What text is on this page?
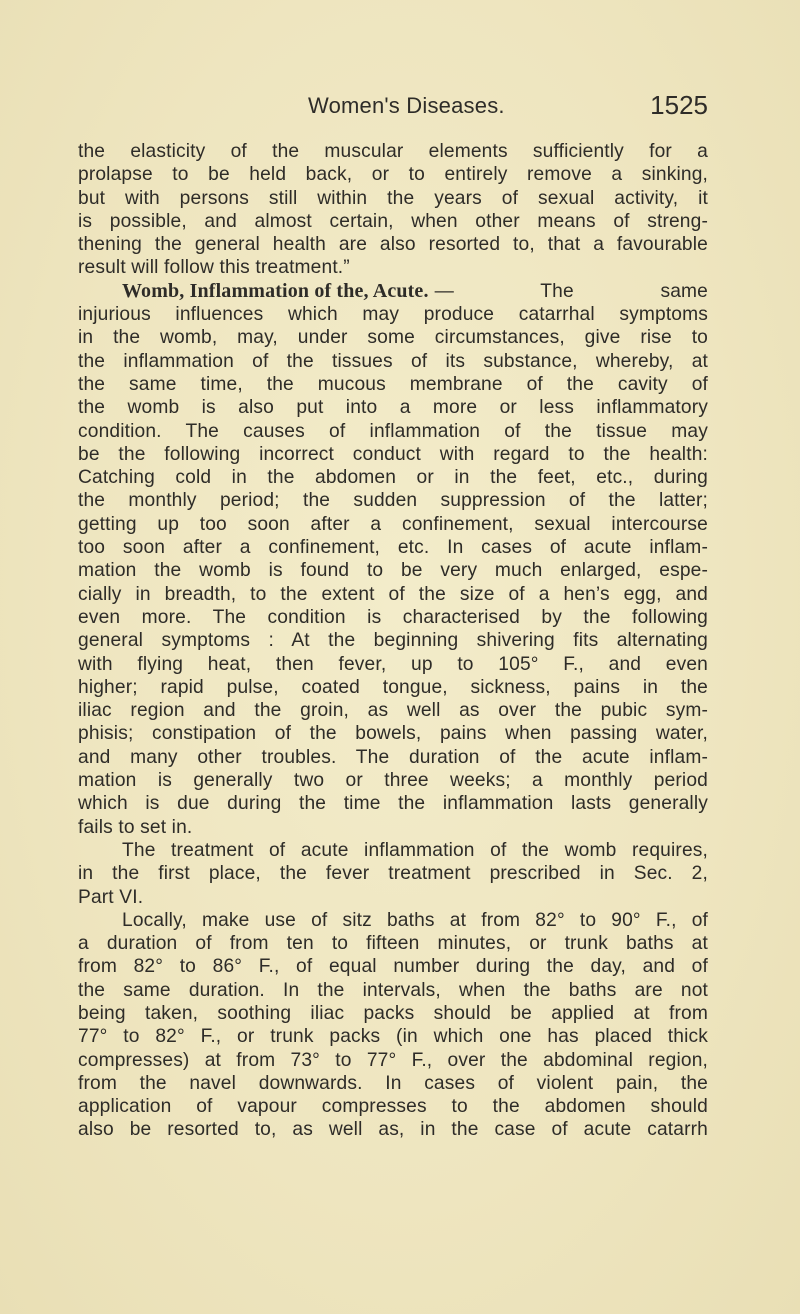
Women's Diseases.	1525
the elasticity of the muscular elements sufficiently for a
prolapse to be held back, or to entirely remove a sinking,
but with persons still within the years of sexual activity, it
is possible, and almost certain, when other means of streng-
thening the general health are also resorted to, that a favourable
result will follow this treatment.”
Womb, Inflammation of the, Acute. — The same
injurious influences which may produce catarrhal symptoms
in the womb, may, under some circumstances, give rise to
the inflammation of the tissues of its substance, whereby, at
the same time, the mucous membrane of the cavity of
the womb is also put into a more or less inflammatory
condition. The causes of inflammation of the tissue may
be the following incorrect conduct with regard to the health:
Catching cold in the abdomen or in the feet, etc., during
the monthly period; the sudden suppression of the latter;
getting up too soon after a confinement, sexual intercourse
too soon after a confinement, etc. In cases of acute inflam-
mation the womb is found to be very much enlarged, espe-
cially in breadth, to the extent of the size of a hen’s egg, and
even more. The condition is characterised by the following
general symptoms : At the beginning shivering fits alternating
with flying heat, then fever, up to 105° F., and even
higher; rapid pulse, coated tongue, sickness, pains in the
iliac region and the groin, as well as over the pubic sym-
phisis; constipation of the bowels, pains when passing water,
and many other troubles. The duration of the acute inflam-
mation is generally two or three weeks; a monthly period
which is due during the time the inflammation lasts generally
fails to set in.
The treatment of acute inflammation of the womb requires,
in the first place, the fever treatment prescribed in Sec. 2,
Part VI.
Locally, make use of sitz baths at from 82° to 90° F., of
a duration of from ten to fifteen minutes, or trunk baths at
from 82° to 86° F., of equal number during the day, and of
the same duration. In the intervals, when the baths are not
being taken, soothing iliac packs should be applied at from
77° to 82° F., or trunk packs (in which one has placed thick
compresses) at from 73° to 77° F., over the abdominal region,
from the navel downwards. In cases of violent pain, the
application of vapour compresses to the abdomen should
also be resorted to, as well as, in the case of acute catarrh
